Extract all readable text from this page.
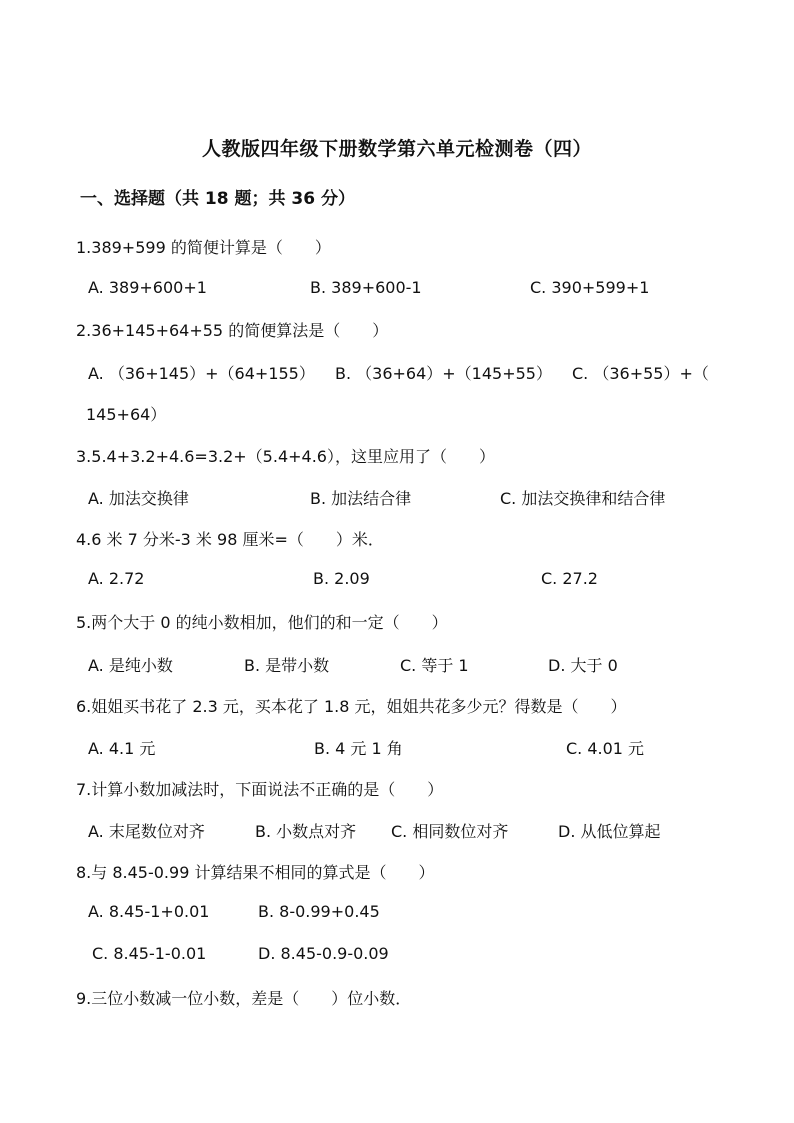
人教版四年级下册数学第六单元检测卷（四）
一、选择题（共 18 题；共 36 分）
1.389+599 的简便计算是（　　）
A. 389+600+1	B. 389+600-1	C. 390+599+1
2.36+145+64+55 的简便算法是（　　）
A. （36+145）+（64+155） B. （36+64）+（145+55） C. （36+55）+（
145+64）
3.5.4+3.2+4.6=3.2+（5.4+4.6），这里应用了（　　）
A. 加法交换律	B. 加法结合律	C. 加法交换律和结合律
4.6 米 7 分米-3 米 98 厘米=（　　）米．
A. 2.72	B. 2.09	C. 27.2
5.两个大于 0 的纯小数相加，他们的和一定（　　）
A. 是纯小数	B. 是带小数	C. 等于 1	D. 大于 0
6.姐姐买书花了 2.3 元，买本花了 1.8 元，姐姐共花多少元？得数是（　　）
A. 4.1 元	B. 4 元 1 角	C. 4.01 元
7.计算小数加减法时，下面说法不正确的是（　　）
A. 末尾数位对齐	B. 小数点对齐 C. 相同数位对齐	D. 从低位算起
8.与 8.45-0.99 计算结果不相同的算式是（　　）
A. 8.45-1+0.01	B. 8-0.99+0.45
C. 8.45-1-0.01	D. 8.45-0.9-0.09
9.三位小数减一位小数，差是（　　）位小数．
